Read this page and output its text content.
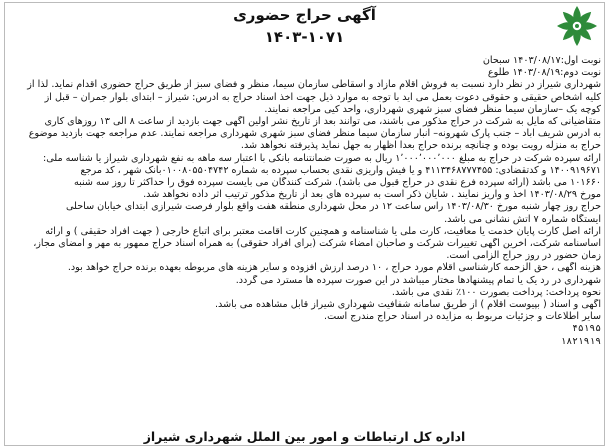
آگهی حراج حضوری
۱۴۰۳-۱۰۷۱
نوبت اول:۱۴۰۳/۰۸/۱۷ سبحان
نوبت دوم:۱۴۰۳/۰۸/۱۹ طلوع
شهرداری شیراز در نظر دارد نسبت به فروش اقلام مازاد و اسقاطی سازمان سیما، منظر و فضای سبز از طریق حراج حضوری اقدام نماید. لذا از
کلیه اشخاص حقیقی و حقوقی دعوت بعمل می آید با توجه به موارد ذیل جهت اخذ اسناد حراج به آدرس: شیراز – ابتدای بلوار جمران – قبل از
کوچه یک –سازمان سیما منظر فضای سبز شهری شهرداری، واحد کیی مراجعه نمایند.
متقاضیانی که مایل به شرکت در حراج مذکور می باشند، می توانند بعد از تاریخ نشر اولین آگهی جهت بازدید از ساعت ۸ الی ۱۳ روزهای کاری
به آدرس شریف آباد – جنب پارک شهرونه– انبار سازمان سیما منظر فضای سبز شهری شهرداری مراجعه نمایند. عدم مراجعه جهت بازدید موضوع
حراج به منزله رویت بوده و چنانچه برنده حراج بعدا اظهار به جهل نماید پذیرفته نخواهد شد.
ارائه سپرده شرکت در حراج به مبلغ ۱٬۰۰۰٬۰۰۰٬۰۰۰ ریال به صورت ضمانتنامه بانکی با اعتبار سه ماهه به نفع شهرداری شیراز یا شناسه ملی:
۱۴۰۰۹۱۹۶۷۱ و کدتقضادی: ۴۱۱۳۴۶۸۷۷۷۴۵۵ و یا فیش واریزی نقدی بحساب سپرده به شماره ۰۱۰۰۸۰۵۵۰۴۷۴۲بانک شهر ، کد مرجع
۱۰۱۶۶۰ می باشد (ارائه سپرده فرع نقدی در حراج قبول می باشد). شرکت کنندگان می بایست سپرده فوق را حداکثر تا روز سه شنبه
مورخ ۱۴۰۳/۰۸/۲۹ اخذ و واریز نمایند . شایان ذکر است به سپرده های بعد از تاریخ مذکور ترتیب اثر داده نخواهد شد.
حراج روز چهار شنبه مورخ ۱۴۰۳/۰۸/۳۰ راس ساعت ۱۲ در محل شهرداری منطقه هفت واقع بلوار فرصت شیرازی ابتدای خیابان ساحلی
ایستگاه شماره ۷ آتش نشانی می باشد.
ارائه اصل کارت پایان خدمت یا معافیت، کارت ملی یا شناسنامه و همچنین کارت اقامت معتبر برای اتباع خارجی ( جهت افراد حقیقی ) و ارائه
اساسنامه شرکت، آخرین آگهی تغییرات شرکت و صاحبان امضاء شرکت (برای افراد حقوقی) به همراه اسناد حراج ممهور به مهر و امضای مجاز،
زمان حضور در روز حراج الزامی است.
هزینه آگهی ، حق الزحمه کارشناسی اقلام مورد حراج ، ۱۰ درصد ارزش افزوده و سایر هزینه های مربوطه بعهده برنده حراج خواهد بود.
شهرداری در رد یک یا تمام پیشنهادها مختار میباشد در این صورت سپرده ها مسترد می گردد.
نحوه پرداخت: پرداخت بصورت ۱۰۰٪ نقدی می باشد.
آگهی و اسناد ( بپیوست اقلام ) از طریق سامانه شفافیت شهرداری شیراز قابل مشاهده می باشد.
سایر اطلاعات و جزئیات مربوط به مزایده در اسناد حراج مندرج است.
۴۵۱۹۵
۱۸۲۱۹۱۹
اداره کل ارتباطات و امور بین الملل شهرداری شیراز
